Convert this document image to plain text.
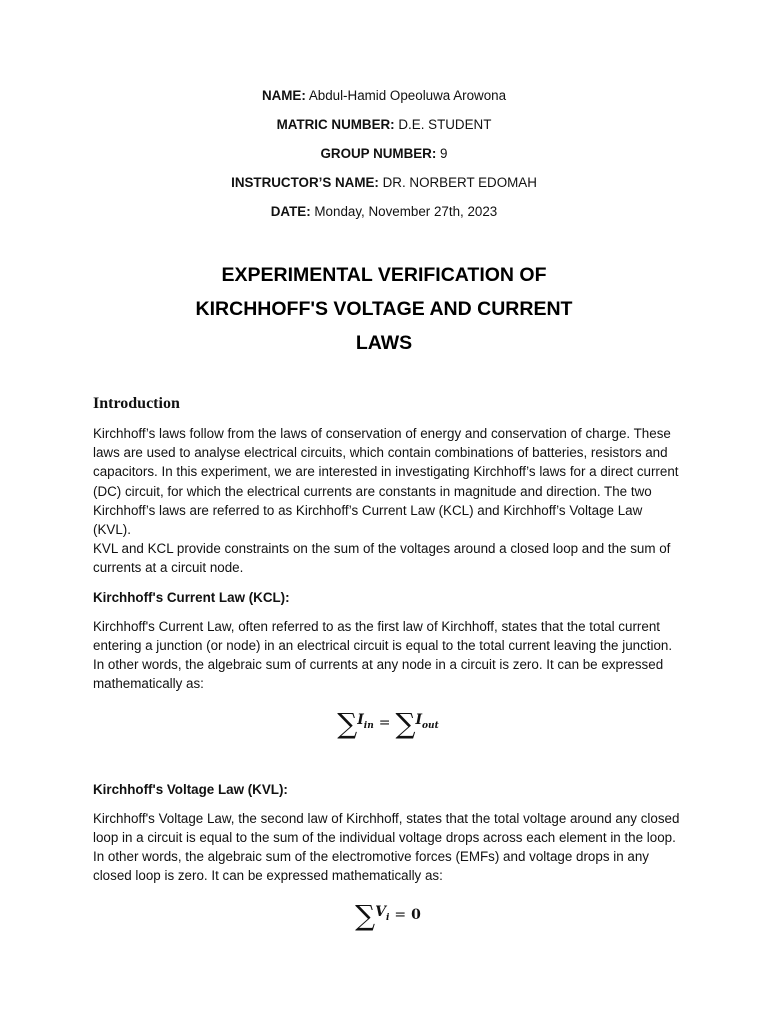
NAME: Abdul-Hamid Opeoluwa Arowona
MATRIC NUMBER: D.E. STUDENT
GROUP NUMBER: 9
INSTRUCTOR’S NAME: DR. NORBERT EDOMAH
DATE: Monday, November 27th, 2023
EXPERIMENTAL VERIFICATION OF
KIRCHHOFF'S VOLTAGE AND CURRENT
LAWS
Introduction

Kirchhoff’s laws follow from the laws of conservation of energy and conservation of charge. These laws are used to analyse electrical circuits, which contain combinations of batteries, resistors and capacitors. In this experiment, we are interested in investigating Kirchhoff’s laws for a direct current (DC) circuit, for which the electrical currents are constants in magnitude and direction. The two Kirchhoff’s laws are referred to as Kirchhoff’s Current Law (KCL) and Kirchhoff’s Voltage Law (KVL).

KVL and KCL provide constraints on the sum of the voltages around a closed loop and the sum of currents at a circuit node.

Kirchhoff's Current Law (KCL):

Kirchhoff's Current Law, often referred to as the first law of Kirchhoff, states that the total current entering a junction (or node) in an electrical circuit is equal to the total current leaving the junction. In other words, the algebraic sum of currents at any node in a circuit is zero. It can be expressed mathematically as:

∑ $I_{in}$ = ∑ $I_{out}$
Kirchhoff's Voltage Law (KVL):

Kirchhoff's Voltage Law, the second law of Kirchhoff, states that the total voltage around any closed loop in a circuit is equal to the sum of the individual voltage drops across each element in the loop. In other words, the algebraic sum of the electromotive forces (EMFs) and voltage drops in any closed loop is zero. It can be expressed mathematically as:

∑ $V_i = 0$
